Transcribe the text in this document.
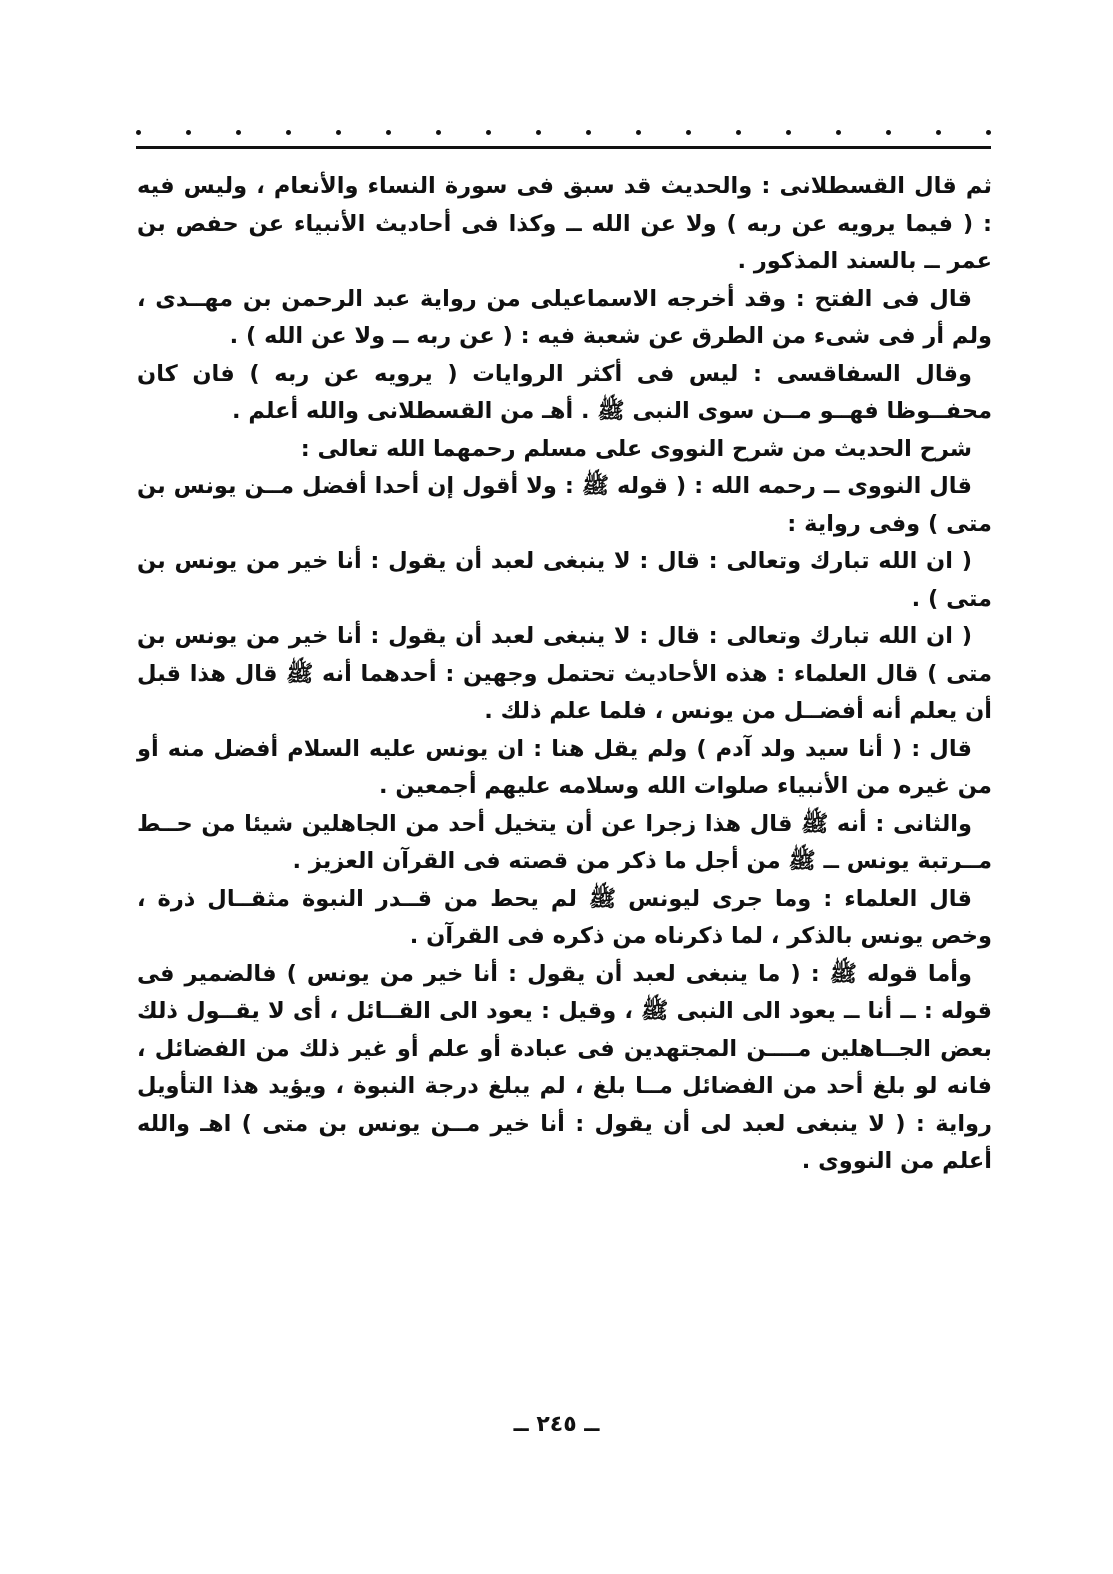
ثم قال القسطلانى : والحديث قد سبق فى سورة النساء والأنعام ، وليس فيه : ( فيما يرويه عن ربه ) ولا عن الله ــ وكذا فى أحاديث الأنبياء عن حفص بن عمر ــ بالسند المذكور .

قال فى الفتح : وقد أخرجه الاسماعيلى من رواية عبد الرحمن بن مهــدى ، ولم أر فى شىء من الطرق عن شعبة فيه : ( عن ربه ــ ولا عن الله ) .

وقال السفاقسى : ليس فى أكثر الروايات ( يرويه عن ربه ) فان كان محفــوظا فهــو مــن سوى النبى ﷺ . أهـ من القسطلانى والله أعلم .

شرح الحديث من شرح النووى على مسلم رحمهما الله تعالى :

قال النووى ــ رحمه الله : ( قوله ﷺ : ولا أقول إن أحدا أفضل مــن يونس بن متى ) وفى رواية :

( ان الله تبارك وتعالى : قال : لا ينبغى لعبد أن يقول : أنا خير من يونس بن متى ) .

( ان الله تبارك وتعالى : قال : لا ينبغى لعبد أن يقول : أنا خير من يونس بن متى ) قال العلماء : هذه الأحاديث تحتمل وجهين : أحدهما أنه ﷺ قال هذا قبل أن يعلم أنه أفضــل من يونس ، فلما علم ذلك .

قال : ( أنا سيد ولد آدم ) ولم يقل هنا : ان يونس عليه السلام أفضل منه أو من غيره من الأنبياء صلوات الله وسلامه عليهم أجمعين .

والثانى : أنه ﷺ قال هذا زجرا عن أن يتخيل أحد من الجاهلين شيئا من حــط مــرتبة يونس ــ ﷺ من أجل ما ذكر من قصته فى القرآن العزيز .

قال العلماء : وما جرى ليونس ﷺ لم يحط من قــدر النبوة مثقــال ذرة ، وخص يونس بالذكر ، لما ذكرناه من ذكره فى القرآن .

وأما قوله ﷺ : ( ما ينبغى لعبد أن يقول : أنا خير من يونس ) فالضمير فى قوله : ــ أنا ــ يعود الى النبى ﷺ ، وقيل : يعود الى القــائل ، أى لا يقــول ذلك بعض الجــاهلين مــــن المجتهدين فى عبادة أو علم أو غير ذلك من الفضائل ، فانه لو بلغ أحد من الفضائل مــا بلغ ، لم يبلغ درجة النبوة ، ويؤيد هذا التأويل رواية : ( لا ينبغى لعبد لى أن يقول : أنا خير مــن يونس بن متى ) اهـ والله أعلم من النووى .

ــ ٢٤٥ ــ
